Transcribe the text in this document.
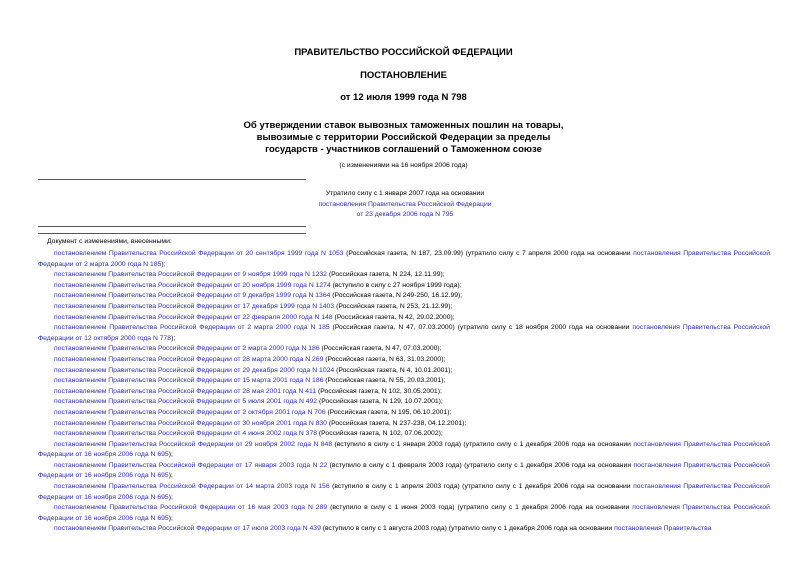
ПРАВИТЕЛЬСТВО РОССИЙСКОЙ ФЕДЕРАЦИИ
ПОСТАНОВЛЕНИЕ
от 12 июля 1999 года N 798
Об утверждении ставок вывозных таможенных пошлин на товары,
вывозимые с территории Российской Федерации за пределы
государств - участников соглашений о Таможенном союзе
(с изменениями на 16 ноября 2006 года)
Утратило силу с 1 января 2007 года на основании
постановления Правительства Российской Федерации
от 23 декабря 2006 года N 795
Документ с изменениями, внесенными:
постановлением Правительства Российской Федерации от 20 сентября 1999 года N 1053 (Российская газета, N 187, 23.09.99) (утратило силу с 7 апреля 2000 года на основании постановления Правительства Российской Федерации от 2 марта 2000 года N 185);
постановлением Правительства Российской Федерации от 9 ноября 1999 года N 1232 (Российская газета, N 224, 12.11.99);
постановлением Правительства Российской Федерации от 20 ноября 1999 года N 1274 (вступило в силу с 27 ноября 1999 года);
постановлением Правительства Российской Федерации от 9 декабря 1999 года N 1364 (Российская газета, N 249-250, 16.12.99);
постановлением Правительства Российской Федерации от 17 декабря 1999 года N 1403 (Российская газета, N 253, 21.12.99);
постановлением Правительства Российской Федерации от 22 февраля 2000 года N 148 (Российская газета, N 42, 29.02.2000);
постановлением Правительства Российской Федерации от 2 марта 2000 года N 185 (Российская газета, N 47, 07.03.2000) (утратило силу с 18 ноября 2000 года на основании постановления Правительства Российской Федерации от 12 октября 2000 года N 778);
постановлением Правительства Российской Федерации от 2 марта 2000 года N 186 (Российская газета, N 47, 07.03.2000);
постановлением Правительства Российской Федерации от 28 марта 2000 года N 269 (Российская газета, N 63, 31.03.2000);
постановлением Правительства Российской Федерации от 29 декабря 2000 года N 1024 (Российская газета, N 4, 10.01.2001);
постановлением Правительства Российской Федерации от 15 марта 2001 года N 186 (Российская газета, N 55, 20.03.2001);
постановлением Правительства Российской Федерации от 28 мая 2001 года N 411 (Российская газета, N 102, 30.05.2001);
постановлением Правительства Российской Федерации от 5 июля 2001 года N 492 (Российская газета, N 129, 10.07.2001);
постановлением Правительства Российской Федерации от 2 октября 2001 года N 706 (Российская газета, N 195, 06.10.2001);
постановлением Правительства Российской Федерации от 30 ноября 2001 года N 830 (Российская газета, N 237-238, 04.12.2001);
постановлением Правительства Российской Федерации от 4 июня 2002 года N 378 (Российская газета, N 102, 07.06.2002);
постановлением Правительства Российской Федерации от 29 ноября 2002 года N 848 (вступило в силу с 1 января 2003 года) (утратило силу с 1 декабря 2006 года на основании постановления Правительства Российской Федерации от 16 ноября 2006 года N 695);
постановлением Правительства Российской Федерации от 17 января 2003 года N 22 (вступило в силу с 1 февраля 2003 года) (утратило силу с 1 декабря 2006 года на основании постановления Правительства Российской Федерации от 16 ноября 2006 года N 695);
постановлением Правительства Российской Федерации от 14 марта 2003 года N 156 (вступило в силу с 1 апреля 2003 года) (утратило силу с 1 декабря 2006 года на основании постановления Правительства Российской Федерации от 16 ноября 2006 года N 695);
постановлением Правительства Российской Федерации от 16 мая 2003 года N 289 (вступило в силу с 1 июня 2003 года) (утратило силу с 1 декабря 2006 года на основании постановления Правительства Российской Федерации от 16 ноября 2006 года N 695);
постановлением Правительства Российской Федерации от 17 июля 2003 года N 439 (вступило в силу с 1 августа 2003 года) (утратило силу с 1 декабря 2006 года на основании постановления Правительства
